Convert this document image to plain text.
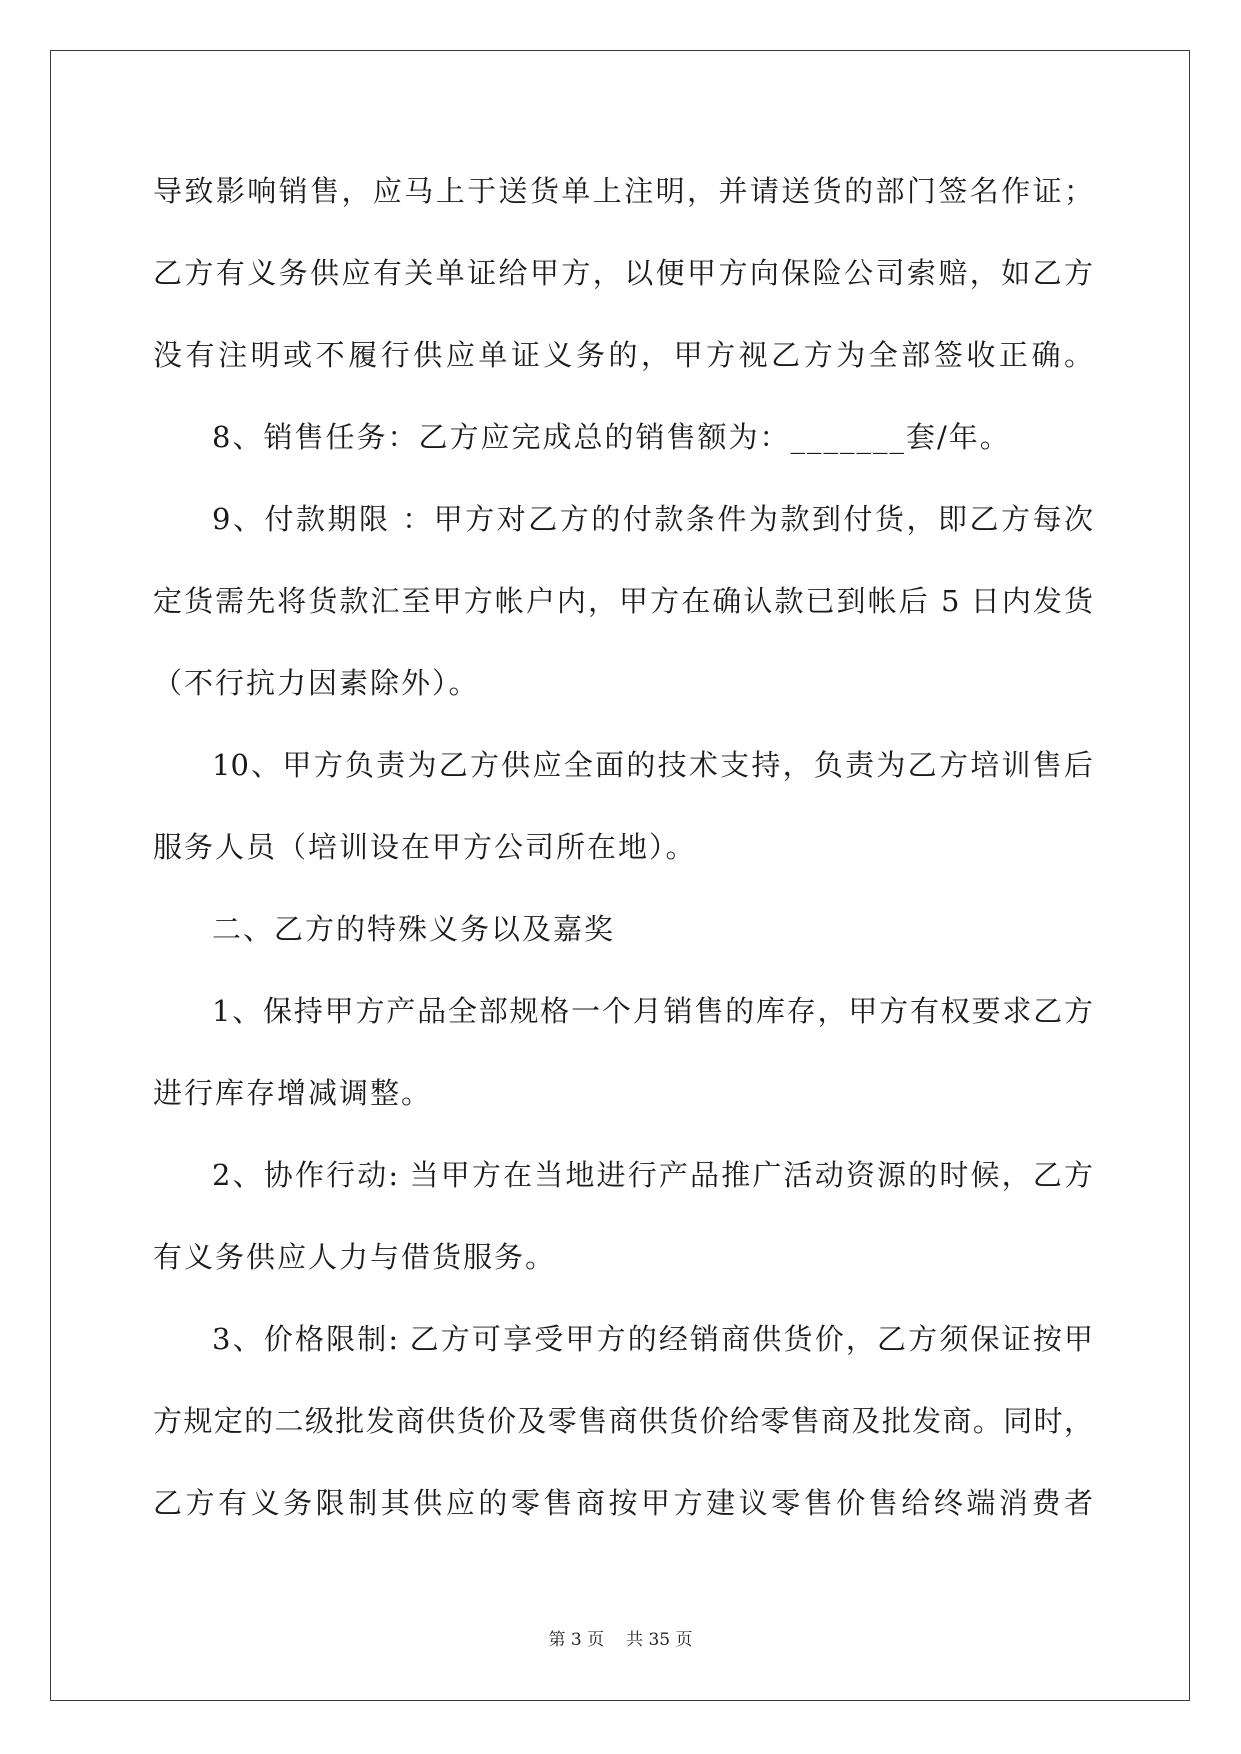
导致影响销售，应马上于送货单上注明，并请送货的部门签名作证；

乙方有义务供应有关单证给甲方，以便甲方向保险公司索赔，如乙方

没有注明或不履行供应单证义务的，甲方视乙方为全部签收正确。

8、销售任务：乙方应完成总的销售额为：_______套/年。

9、付款期限 ：甲方对乙方的付款条件为款到付货，即乙方每次

定货需先将货款汇至甲方帐户内，甲方在确认款已到帐后 5 日内发货

（不行抗力因素除外）。

10、甲方负责为乙方供应全面的技术支持，负责为乙方培训售后

服务人员（培训设在甲方公司所在地）。

二、乙方的特殊义务以及嘉奖

1、保持甲方产品全部规格一个月销售的库存，甲方有权要求乙方

进行库存增减调整。

2、协作行动: 当甲方在当地进行产品推广活动资源的时候，乙方

有义务供应人力与借货服务。

3、价格限制: 乙方可享受甲方的经销商供货价，乙方须保证按甲

方规定的二级批发商供货价及零售商供货价给零售商及批发商。同时，

乙方有义务限制其供应的零售商按甲方建议零售价售给终端消费者

第 3 页 共 35 页
